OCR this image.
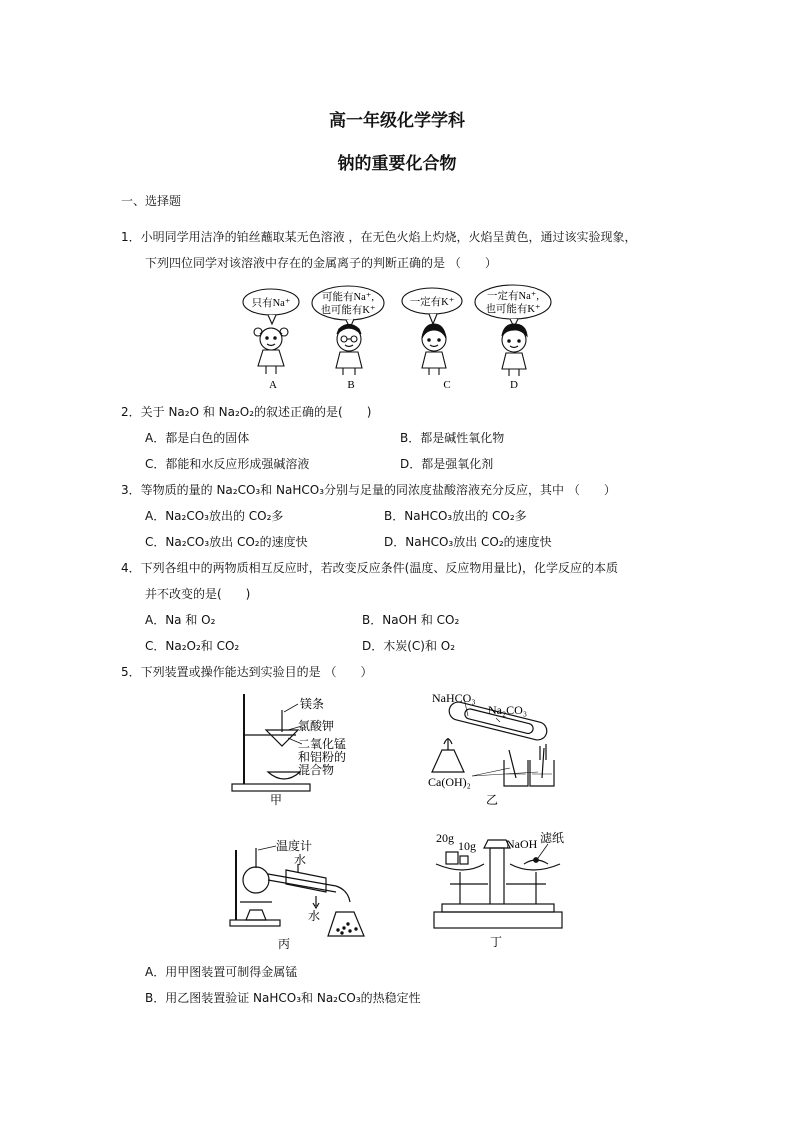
高一年级化学学科
钠的重要化合物
一、选择题
1．小明同学用洁净的铂丝蘸取某无色溶液 ，在无色火焰上灼烧，火焰呈黄色，通过该实验现象，
下列四位同学对该溶液中存在的金属离子的判断正确的是 （　　）
只有Na⁺
可能有Na⁺,
也可能有K⁺
一定有K⁺
一定有Na⁺,
也可能有K⁺
A	B	C	D
2．关于 Na₂O 和 Na₂O₂的叙述正确的是(　　)
A．都是白色的固体	B．都是碱性氧化物
C．都能和水反应形成强碱溶液	D．都是强氧化剂
3．等物质的量的 Na₂CO₃和 NaHCO₃分别与足量的同浓度盐酸溶液充分反应，其中 （　　）
A．Na₂CO₃放出的 CO₂多	B．NaHCO₃放出的 CO₂多
C．Na₂CO₃放出 CO₂的速度快	D．NaHCO₃放出 CO₂的速度快
4．下列各组中的两物质相互反应时，若改变反应条件(温度、反应物用量比)，化学反应的本质
并不改变的是(　　)
A．Na 和 O₂	B．NaOH 和 CO₂
C．Na₂O₂和 CO₂	D．木炭(C)和 O₂
5．下列装置或操作能达到实验目的是 （　　）
镁条
氯酸钾
二氧化锰
和铝粉的
混合物
甲
NaHCO₃
Na₂CO₃
Ca(OH)₂
乙
温度计
水
水
丙
20g
10g	NaOH 滤纸
丁
A．用甲图装置可制得金属锰
B．用乙图装置验证 NaHCO₃和 Na₂CO₃的热稳定性
